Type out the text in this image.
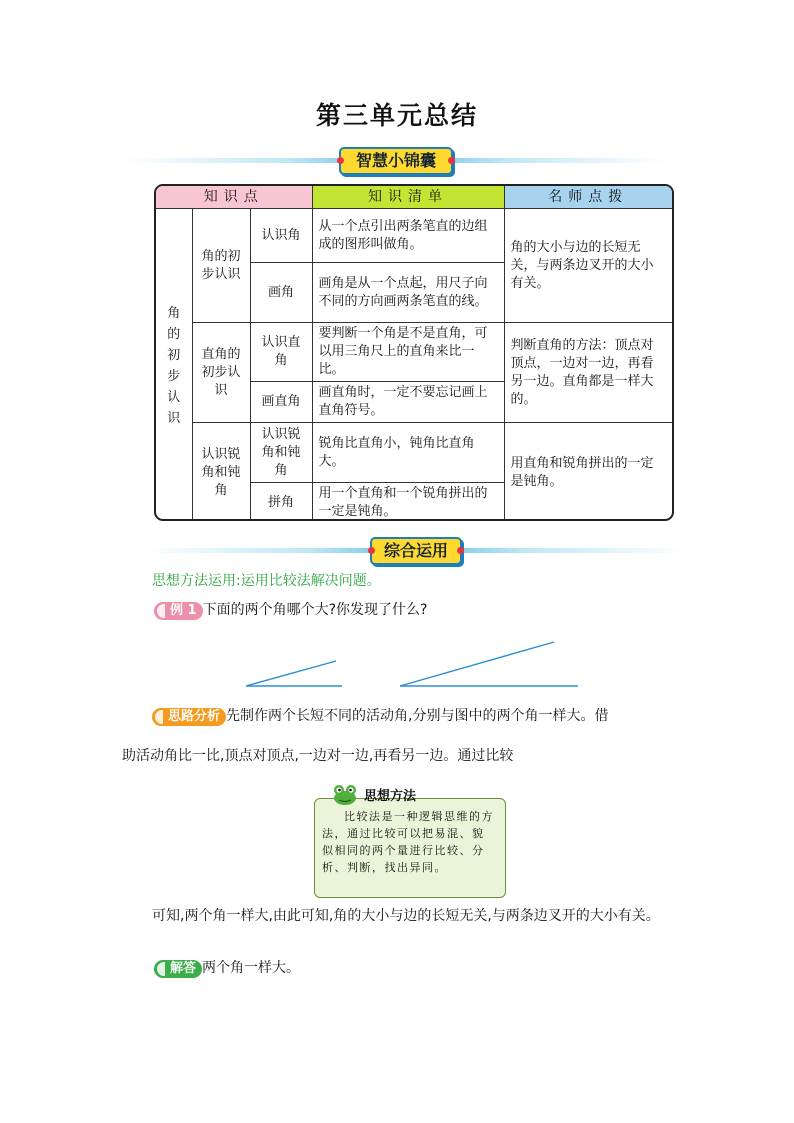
第三单元总结
智慧小锦囊
知识点			知识清单	名师点拨
角的初步认识	角的初步认识	认识角	从一个点引出两条笔直的边组成的图形叫做角。	角的大小与边的长短无关，与两条边叉开的大小有关。
		画角	画角是从一个点起，用尺子向不同的方向画两条笔直的线。	
	直角的初步认识	认识直角	要判断一个角是不是直角，可以用三角尺上的直角来比一比。	判断直角的方法：顶点对顶点，一边对一边，再看另一边。直角都是一样大的。
		画直角	画直角时，一定不要忘记画上直角符号。	
	认识锐角和钝角	认识锐角和钝角	锐角比直角小，钝角比直角大。	用直角和锐角拼出的一定是钝角。
		拼角	用一个直角和一个锐角拼出的一定是钝角。	
综合运用
思想方法运用:运用比较法解决问题。
例 1 下面的两个角哪个大?你发现了什么?
思路分析 先制作两个长短不同的活动角,分别与图中的两个角一样大。借
助活动角比一比,顶点对顶点,一边对一边,再看另一边。通过比较
思想方法
比较法是一种逻辑思维的方法，通过比较可以把易混、貌似相同的两个量进行比较、分析、判断，找出异同。
可知,两个角一样大,由此可知,角的大小与边的长短无关,与两条边叉开的大小有关。
解答 两个角一样大。
